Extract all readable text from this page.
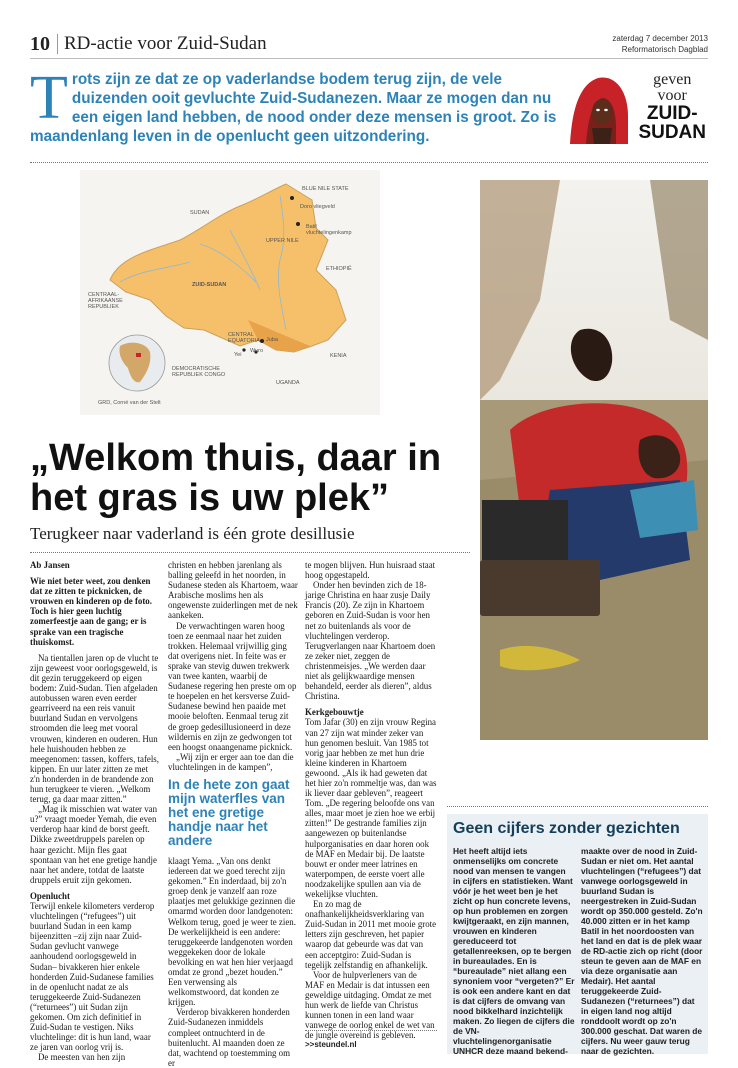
10 RD-actie voor Zuid-Sudan	zaterdag 7 december 2013
Reformatorisch Dagblad
Trots zijn ze dat ze op vaderlandse bodem terug zijn, de vele duizenden ooit gevluchte Zuid-Sudanezen. Maar ze mogen dan nu een eigen land hebben, de nood onder deze mensen is groot. Zo is maandenlang leven in de openlucht geen uitzondering.
geven
voor
ZUID-
SUDAN
BLUE NILE STATE
Doro vliegveld
Batil vluchtelingenkamp
SUDAN
UPPER NILE
ETHIOPIË
ZUID-SUDAN
CENTRAAL-AFRIKAANSE REPUBLIEK
CENTRAL EQUATORIA	Juba
Yei
Wuro
KENIA
DEMOCRATISCHE REPUBLIEK CONGO
UGANDA
GRD, Corné van der Stelt
„Welkom thuis, daar in het gras is uw plek”
Terugkeer naar vaderland is één grote desillusie

Ab Jansen

Wie niet beter weet, zou denken dat ze zitten te picknicken, de vrouwen en kinderen op de foto. Toch is hier geen luchtig zomerfeestje aan de gang; er is sprake van een tragische thuiskomst.

Na tientallen jaren op de vlucht te zijn geweest voor oorlogsgeweld, is dit gezin teruggekeerd op eigen bodem: Zuid-Sudan. Tien afgeladen autobussen waren even eerder gearriveerd na een reis vanuit buurland Sudan en vervolgens stroomden die leeg met vooral vrouwen, kinderen en ouderen. Hun hele huishouden hebben ze meegenomen: tassen, koffers, tafels, kippen. En uur later zitten ze met z'n honderden in de brandende zon hun terugkeer te vieren. „Welkom terug, ga daar maar zitten.”

„Mag ik misschien wat water van u?” vraagt moeder Yemah, die even verderop haar kind de borst geeft. Dikke zweetdruppels parelen op haar gezicht. Mijn fles gaat spontaan van het ene gretige handje naar het andere, totdat de laatste druppels eruit zijn gekomen.

Openlucht

Terwijl enkele kilometers verderop vluchtelingen (“refugees”) uit buurland Sudan in een kamp bijeenzitten –zij zijn naar Zuid-Sudan gevlucht vanwege aanhoudend oorlogsgeweld in Sudan– bivakkeren hier enkele honderden Zuid-Sudanese families in de openlucht nadat ze als teruggekeerde Zuid-Sudanezen (“returnees”) uit Sudan zijn gekomen. Om zich definitief in Zuid-Sudan te vestigen. Niks vluchtelinge: dit is hun land, waar ze jaren van oorlog vrij is.

De meesten van hen zijn

christen en hebben jarenlang als balling geleefd in het noorden, in Sudanese steden als Khartoem, waar Arabische moslims hen als ongewenste zuiderlingen met de nek aankeken.

De verwachtingen waren hoog toen ze eenmaal naar het zuiden trokken. Helemaal vrijwillig ging dat overigens niet. In feite was er sprake van stevig duwen trekwerk van twee kanten, waarbij de Sudanese regering hen preste om op te hoepelen en het kersverse Zuid-Sudanese bewind hen paaide met mooie beloften. Eenmaal terug zit de groep gedesillusioneerd in deze wildernis en zijn ze gedwongen tot een hoogst onaangename picknick.

„Wij zijn er erger aan toe dan die vluchtelingen in de kampen”,

In de hete zon gaat mijn waterfles van het ene gretige handje naar het andere

klaagt Yema. „Van ons denkt iedereen dat we goed terecht zijn gekomen.” En inderdaad, bij zo'n groep denk je vanzelf aan roze plaatjes met gelukkige gezinnen die omarmd worden door landgenoten: Welkom terug, goed je weer te zien. De werkelijkheid is een andere: teruggekeerde landgenoten worden weggekeken door de lokale bevolking en wat hen hier verjaagd omdat ze grond „bezet houden.” Een verwensing als welkomstwoord, dat konden ze krijgen.

Verderop bivakkeren honderden Zuid-Sudanezen inmiddels compleet ontnuchterd in de buitenlucht. Al maanden doen ze dat, wachtend op toestemming om er

te mogen blijven. Hun huisraad staat hoog opgestapeld.

Onder hen bevinden zich de 18-jarige Christina en haar zusje Daily Francis (20). Ze zijn in Khartoem geboren en Zuid-Sudan is voor hen net zo buitenlands als voor de vluchtelingen verderop. Terugverlangen naar Khartoem doen ze zeker niet, zeggen de christenmeisjes. „We werden daar niet als gelijkwaardige mensen behandeld, eerder als dieren”, aldus Christina.

Kerkgebouwtje

Tom Jafar (30) en zijn vrouw Regina van 27 zijn wat minder zeker van hun genomen besluit. Van 1985 tot vorig jaar hebben ze met hun drie kleine kinderen in Khartoem gewoond. „Als ik had geweten dat het hier zo'n rommeltje was, dan was ik liever daar gebleven”, reageert Tom. „De regering beloofde ons van alles, maar moet je zien hoe we erbij zitten!” De gestrande families zijn aangewezen op buitenlandse hulporganisaties en daar horen ook de MAF en Medair bij. De laatste bouwt er onder meer latrines en waterpompen, de eerste voert alle noodzakelijke spullen aan via de wekelijkse vluchten.

En zo mag de onafhankelijkheidsverklaring van Zuid-Sudan in 2011 met mooie grote letters zijn geschreven, het papier waarop dat gebeurde was dat van een acceptgiro: Zuid-Sudan is tegelijk zelfstandig en afhankelijk.

Voor de hulpverleners van de MAF en Medair is dat intussen een geweldige uitdaging. Omdat ze met hun werk de liefde van Christus kunnen tonen in een land waar vanwege de oorlog enkel de wet van de jungle overeind is gebleven.

>>steundel.nl
Geen cijfers zonder gezichten

Het heeft altijd iets onmenselijks om concrete nood van mensen te vangen in cijfers en statistieken. Want vóór je het weet ben je het zicht op hun concrete levens, op hun problemen en zorgen kwijtgeraakt, en zijn mannen, vrouwen en kinderen gereduceerd tot getallenreeksen, op te bergen in bureaulades. En is “bureaulade” niet allang een synoniem voor “vergeten?” Er is ook een andere kant en dat is dat cijfers de omvang van nood bikkelhard inzichtelijk maken. Zo liegen de cijfers die de VN-vluchtelingenorganisatie UNHCR deze maand bekend-

maakte over de nood in Zuid-Sudan er niet om. Het aantal vluchtelingen (“refugees”) dat vanwege oorlogsgeweld in buurland Sudan is neergestreken in Zuid-Sudan wordt op 350.000 gesteld. Zo'n 40.000 zitten er in het kamp Batil in het noordoosten van het land en dat is de plek waar de RD-actie zich op richt (door steun te geven aan de MAF en via deze organisatie aan Medair). Het aantal teruggekeerde Zuid-Sudanezen (“returnees”) dat in eigen land nog altijd ronddoolt wordt op zo'n 300.000 geschat. Dat waren de cijfers. Nu weer gauw terug naar de gezichten.
